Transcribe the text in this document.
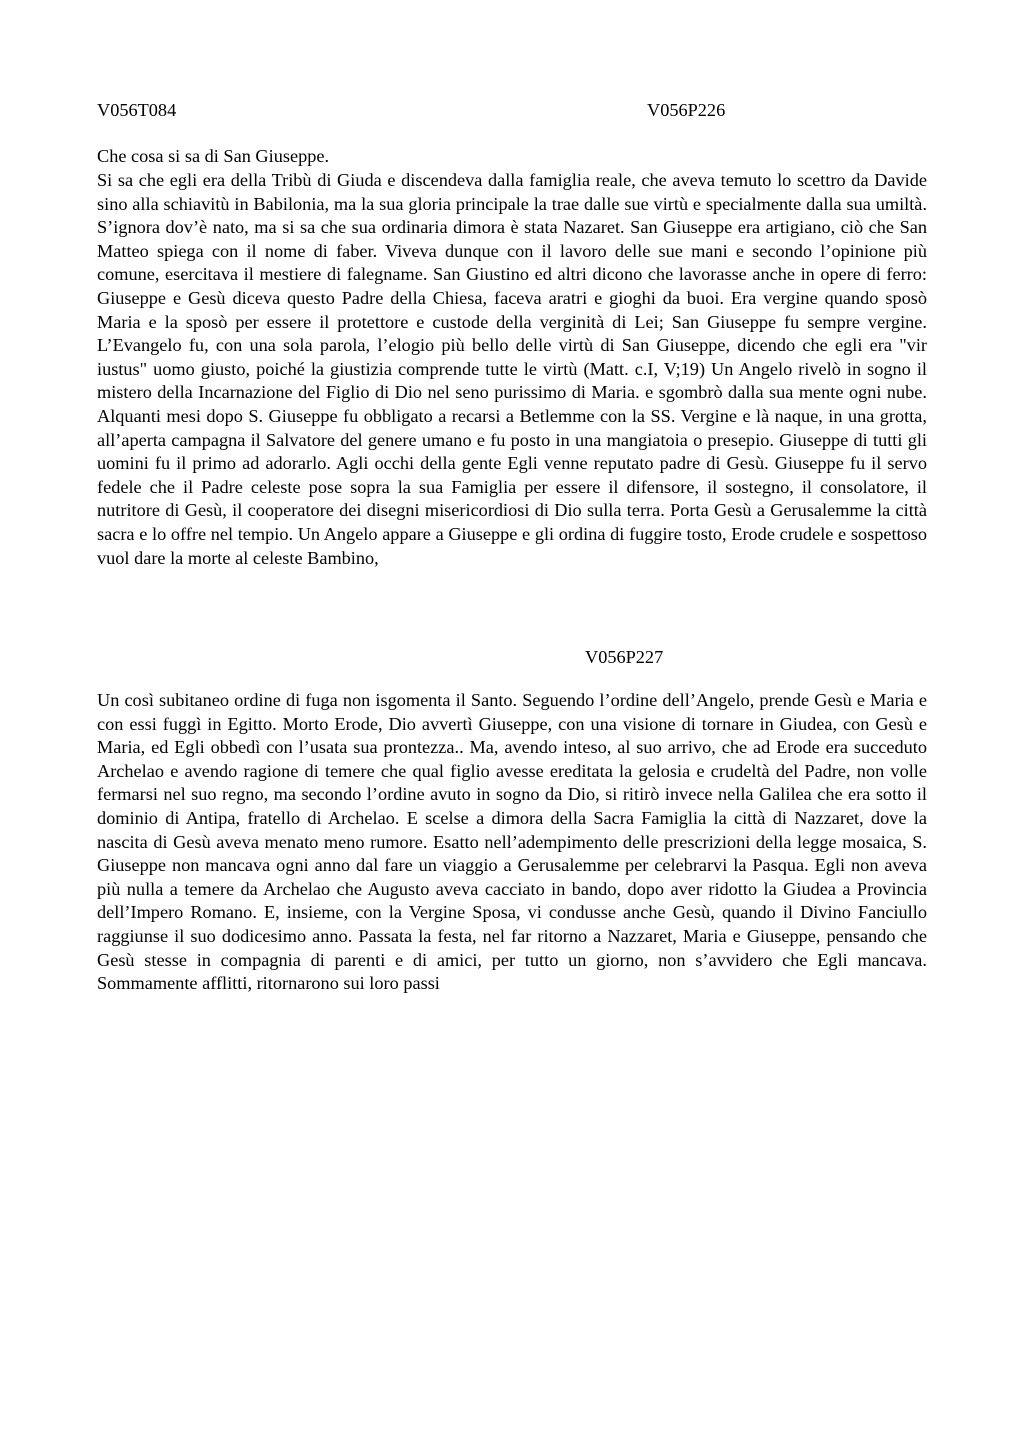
V056T084	V056P226
Che cosa si sa di San Giuseppe.

Si sa che egli era della Tribù di Giuda e discendeva dalla famiglia reale, che aveva temuto lo scettro da Davide sino alla schiavitù in Babilonia, ma la sua gloria principale la trae dalle sue virtù e specialmente dalla sua umiltà. S’ignora dov’è nato, ma si sa che sua ordinaria dimora è stata Nazaret. San Giuseppe era artigiano, ciò che San Matteo spiega con il nome di faber. Viveva dunque con il lavoro delle sue mani e secondo l’opinione più comune, esercitava il mestiere di falegname. San Giustino ed altri dicono che lavorasse anche in opere di ferro: Giuseppe e Gesù diceva questo Padre della Chiesa, faceva aratri e gioghi da buoi. Era vergine quando sposò Maria e la sposò per essere il protettore e custode della verginità di Lei; San Giuseppe fu sempre vergine. L’Evangelo fu, con una sola parola, l’elogio più bello delle virtù di San Giuseppe, dicendo che egli era "vir iustus" uomo giusto, poiché la giustizia comprende tutte le virtù (Matt. c.I, V;19) Un Angelo rivelò in sogno il mistero della Incarnazione del Figlio di Dio nel seno purissimo di Maria. e sgombrò dalla sua mente ogni nube. Alquanti mesi dopo S. Giuseppe fu obbligato a recarsi a Betlemme con la SS. Vergine e là naque, in una grotta, all’aperta campagna il Salvatore del genere umano e fu posto in una mangiatoia o presepio. Giuseppe di tutti gli uomini fu il primo ad adorarlo. Agli occhi della gente Egli venne reputato padre di Gesù. Giuseppe fu il servo fedele che il Padre celeste pose sopra la sua Famiglia per essere il difensore, il sostegno, il consolatore, il nutritore di Gesù, il cooperatore dei disegni misericordiosi di Dio sulla terra. Porta Gesù a Gerusalemme la città sacra e lo offre nel tempio. Un Angelo appare a Giuseppe e gli ordina di fuggire tosto, Erode crudele e sospettoso vuol dare la morte al celeste Bambino,

V056P227

Un così subitaneo ordine di fuga non isgomenta il Santo. Seguendo l’ordine dell’Angelo, prende Gesù e Maria e con essi fuggì in Egitto. Morto Erode, Dio avvertì Giuseppe, con una visione di tornare in Giudea, con Gesù e Maria, ed Egli obbedì con l’usata sua prontezza.. Ma, avendo inteso, al suo arrivo, che ad Erode era succeduto Archelao e avendo ragione di temere che qual figlio avesse ereditata la gelosia e crudeltà del Padre, non volle fermarsi nel suo regno, ma secondo l’ordine avuto in sogno da Dio, si ritirò invece nella Galilea che era sotto il dominio di Antipa, fratello di Archelao. E scelse a dimora della Sacra Famiglia la città di Nazzaret, dove la nascita di Gesù aveva menato meno rumore. Esatto nell’adempimento delle prescrizioni della legge mosaica, S. Giuseppe non mancava ogni anno dal fare un viaggio a Gerusalemme per celebrarvi la Pasqua. Egli non aveva più nulla a temere da Archelao che Augusto aveva cacciato in bando, dopo aver ridotto la Giudea a Provincia dell’Impero Romano. E, insieme, con la Vergine Sposa, vi condusse anche Gesù, quando il Divino Fanciullo raggiunse il suo dodicesimo anno. Passata la festa, nel far ritorno a Nazzaret, Maria e Giuseppe, pensando che Gesù stesse in compagnia di parenti e di amici, per tutto un giorno, non s’avvidero che Egli mancava. Sommamente afflitti, ritornarono sui loro passi
